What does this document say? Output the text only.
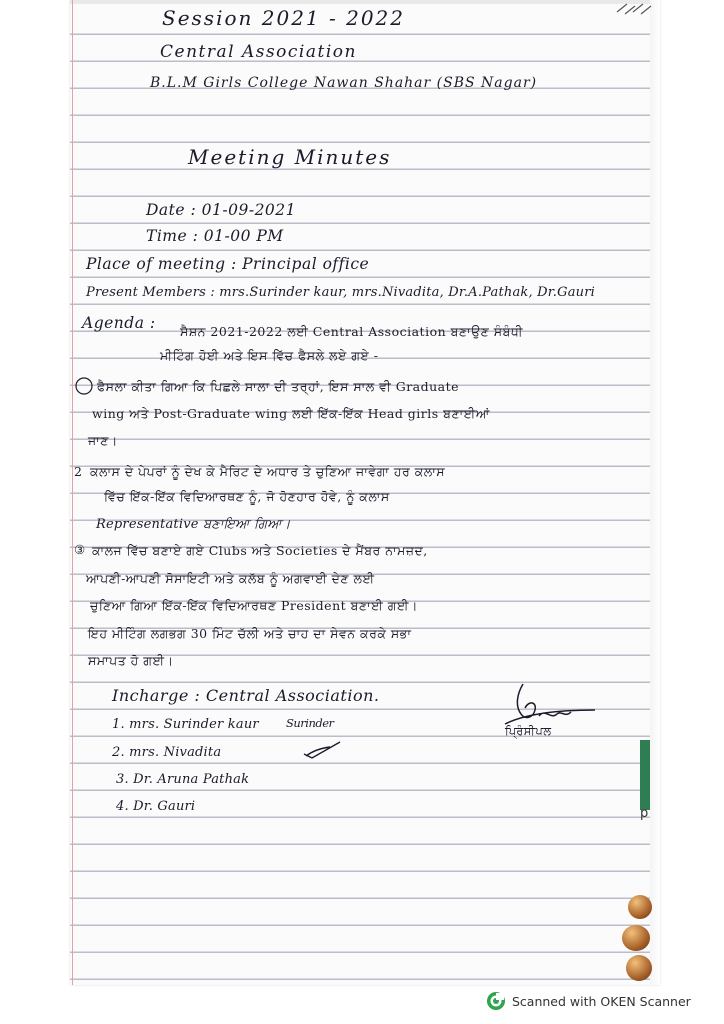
Session 2021 - 2022
Central Association
B.L.M Girls College Nawan Shahar (SBS Nagar)
Meeting Minutes
Date : 01-09-2021
Time : 01-00 PM
Place of meeting : Principal office
Present Members : mrs.Surinder kaur, mrs.Nivadita, Dr.A.Pathak, Dr.Gauri
Agenda : ਸੈਸ਼ਨ 2021-2022 ਲਈ Central Association ਬਣਾਉਣ ਸੰਬੰਧੀ
ਮੀਟਿੰਗ ਹੋਈ ਅਤੇ ਇਸ ਵਿੱਚ ਫੈਸਲੇ ਲਏ ਗਏ -
ਫੈਸਲਾ ਕੀਤਾ ਗਿਆ ਕਿ ਪਿਛਲੇ ਸਾਲਾ ਦੀ ਤਰ੍ਹਾਂ, ਇਸ ਸਾਲ ਵੀ Graduate
wing ਅਤੇ Post-Graduate wing ਲਈ ਇੱਕ-ਇੱਕ Head girls ਬਣਾਈਆਂ
ਜਾਣ।
2 ਕਲਾਸ ਦੇ ਪੇਪਰਾਂ ਨੂੰ ਦੇਖ ਕੇ ਮੈਰਿਟ ਦੇ ਅਧਾਰ ਤੇ ਚੁਣਿਆ ਜਾਵੇਗਾ ਹਰ ਕਲਾਸ
ਵਿੱਚ ਇੱਕ-ਇੱਕ ਵਿਦਿਆਰਥਣ ਨੂੰ, ਜੋ ਹੋਣਹਾਰ ਹੋਵੇ, ਨੂੰ ਕਲਾਸ
Representative ਬਣਾਇਆ ਗਿਆ।
③ ਕਾਲਜ ਵਿੱਚ ਬਣਾਏ ਗਏ Clubs ਅਤੇ Societies ਦੇ ਮੈਂਬਰ ਨਾਮਜ਼ਦ,
ਆਪਣੀ-ਆਪਣੀ ਸੋਸਾਇਟੀ ਅਤੇ ਕਲੱਬ ਨੂੰ ਅਗਵਾਈ ਦੇਣ ਲਈ
ਚੁਣਿਆ ਗਿਆ ਇੱਕ-ਇੱਕ ਵਿਦਿਆਰਥਣ President ਬਣਾਈ ਗਈ।
ਇਹ ਮੀਟਿੰਗ ਲਗਭਗ 30 ਮਿੰਟ ਚੱਲੀ ਅਤੇ ਚਾਹ ਦਾ ਸੇਵਨ ਕਰਕੇ ਸਭਾ
ਸਮਾਪਤ ਹੋ ਗਈ।
Incharge : Central Association.
1. mrs. Surinder kaur Surinder
2. mrs. Nivadita
3. Dr. Aruna Pathak
4. Dr. Gauri
ਪ੍ਰਿੰਸੀਪਲ
p
Scanned with OKEN Scanner
